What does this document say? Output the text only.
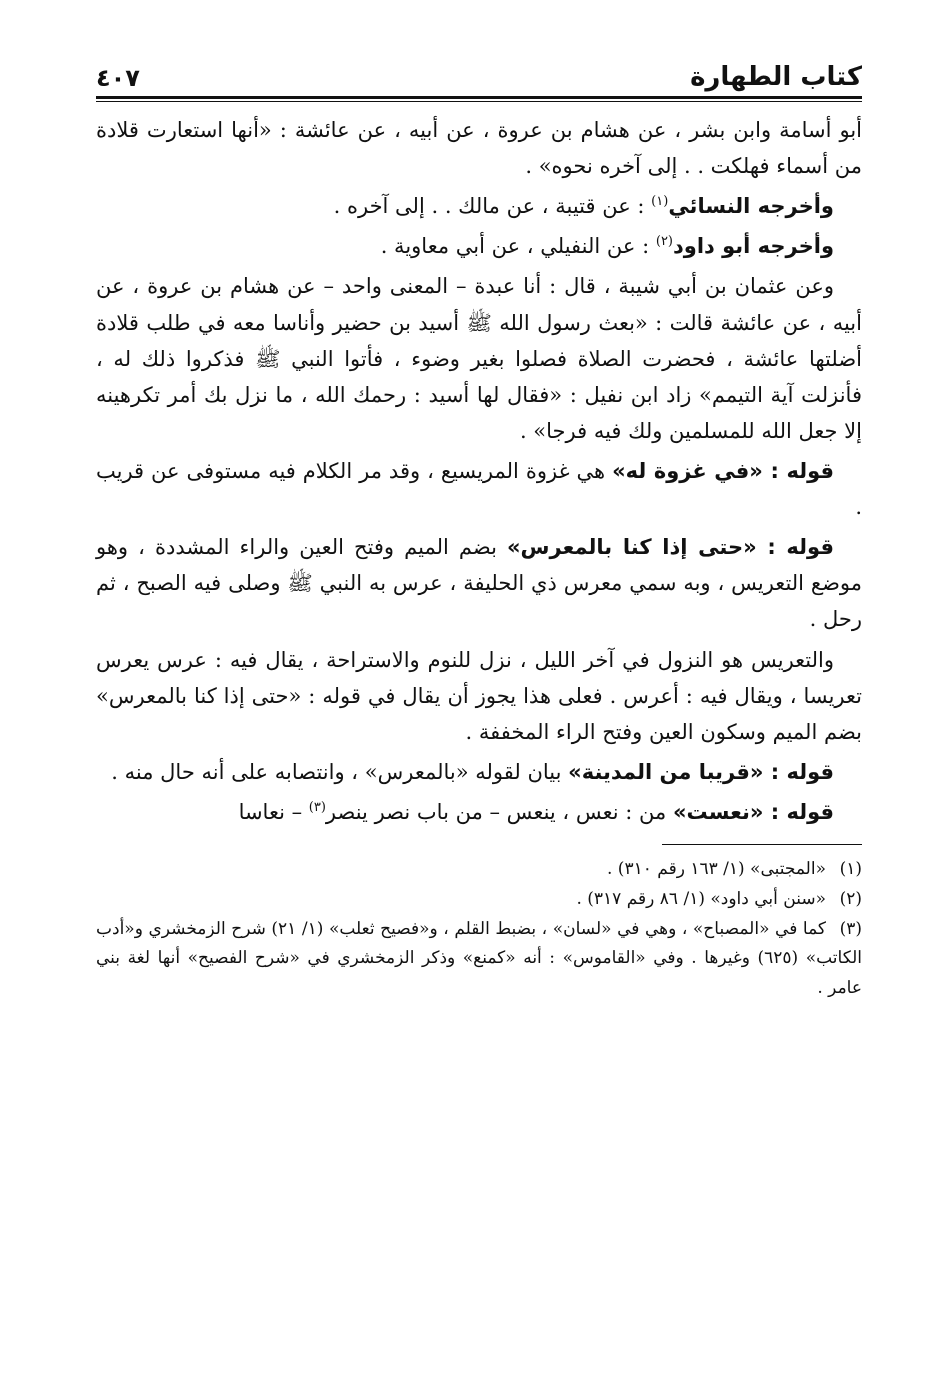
كتاب الطهارة
٤٠٧

أبو أسامة وابن بشر ، عن هشام بن عروة ، عن أبيه ، عن عائشة : «أنها استعارت قلادة من أسماء فهلكت . . إلى آخره نحوه» .

وأخرجه النسائي$^{(١)}$ : عن قتيبة ، عن مالك . . إلى آخره .

وأخرجه أبو داود$^{(٢)}$ : عن النفيلي ، عن أبي معاوية .

وعن عثمان بن أبي شيبة ، قال : أنا عبدة – المعنى واحد – عن هشام بن عروة ، عن أبيه ، عن عائشة قالت : «بعث رسول الله ﷺ أسيد بن حضير وأناسا معه في طلب قلادة أضلتها عائشة ، فحضرت الصلاة فصلوا بغير وضوء ، فأتوا النبي ﷺ فذكروا ذلك له ، فأنزلت آية التيمم» زاد ابن نفيل : «فقال لها أسيد : رحمك الله ، ما نزل بك أمر تكرهينه إلا جعل الله للمسلمين ولك فيه فرجا» .

قوله : «في غزوة له» هي غزوة المريسيع ، وقد مر الكلام فيه مستوفى عن قريب .

قوله : «حتى إذا كنا بالمعرس» بضم الميم وفتح العين والراء المشددة ، وهو موضع التعريس ، وبه سمي معرس ذي الحليفة ، عرس به النبي ﷺ وصلى فيه الصبح ، ثم رحل .

والتعريس هو النزول في آخر الليل ، نزل للنوم والاستراحة ، يقال فيه : عرس يعرس تعريسا ، ويقال فيه : أعرس . فعلى هذا يجوز أن يقال في قوله : «حتى إذا كنا بالمعرس» بضم الميم وسكون العين وفتح الراء المخففة .

قوله : «قريبا من المدينة» بيان لقوله «بالمعرس» ، وانتصابه على أنه حال منه .

قوله : «نعست» من : نعس ، ينعس – من باب نصر ينصر$^{(٣)}$ – نعاسا

(١)«المجتبى» (١/ ١٦٣ رقم ٣١٠) .

(٢)«سنن أبي داود» (١/ ٨٦ رقم ٣١٧) .

(٣)كما في «المصباح» ، وهي في «لسان» ، بضبط القلم ، و«فصيح ثعلب» (١/ ٢١) شرح الزمخشري و«أدب الكاتب» (٦٢٥) وغيرها . وفي «القاموس» : أنه «كمنع» وذكر الزمخشري في «شرح الفصيح» أنها لغة بني عامر .
